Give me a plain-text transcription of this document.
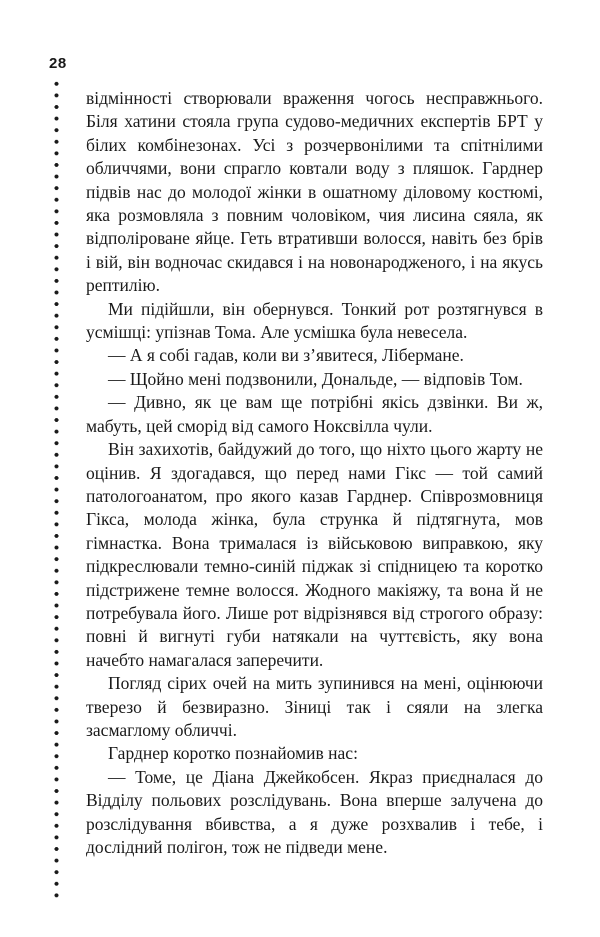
28

відмінності створювали враження чогось несправжнього. Біля хатини стояла група судово-медичних експертів БРТ у білих комбінезонах. Усі з розчервонілими та спітнілими обличчями, вони спрагло ковтали воду з пляшок. Гарднер підвів нас до молодої жінки в ошатному діловому костюмі, яка розмовляла з повним чоловіком, чия лисина сяяла, як відполіроване яйце. Геть втративши волосся, навіть без брів і вій, він водночас скидався і на новонародженого, і на якусь рептилію.

Ми підійшли, він обернувся. Тонкий рот розтягнувся в усмішці: упізнав Тома. Але усмішка була невесела.

— А я собі гадав, коли ви з’явитеся, Лібермане.

— Щойно мені подзвонили, Дональде, — відповів Том.

— Дивно, як це вам ще потрібні якісь дзвінки. Ви ж, мабуть, цей сморід від самого Ноксвілла чули.

Він захихотів, байдужий до того, що ніхто цього жарту не оцінив. Я здогадався, що перед нами Гікс — той самий патологоанатом, про якого казав Гарднер. Співрозмовниця Гікса, молода жінка, була струнка й підтягнута, мов гімнастка. Вона трималася із військовою виправкою, яку підкреслювали темно-синій піджак зі спідницею та коротко підстрижене темне волосся. Жодного макіяжу, та вона й не потребувала його. Лише рот відрізнявся від строгого образу: повні й вигнуті губи натякали на чуттєвість, яку вона начебто намагалася заперечити.

Погляд сірих очей на мить зупинився на мені, оцінюючи тверезо й безвиразно. Зіниці так і сяяли на злегка засмаглому обличчі.

Гарднер коротко познайомив нас:

— Томе, це Діана Джейкобсен. Якраз приєдналася до Відділу польових розслідувань. Вона вперше залучена до розслідування вбивства, а я дуже розхвалив і тебе, і дослідний полігон, тож не підведи мене.
